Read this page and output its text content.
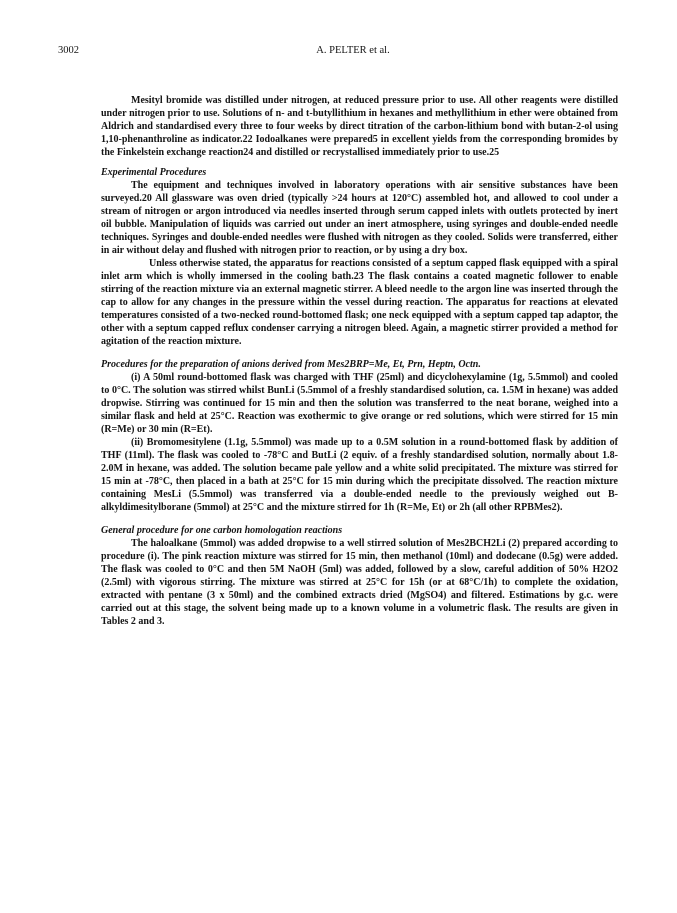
3002	A. PELTER et al.

Mesityl bromide was distilled under nitrogen, at reduced pressure prior to use. All other reagents were distilled under nitrogen prior to use. Solutions of n- and t-butyllithium in hexanes and methyllithium in ether were obtained from Aldrich and standardised every three to four weeks by direct titration of the carbon-lithium bond with butan-2-ol using 1,10-phenanthroline as indicator.22 Iodoalkanes were prepared5 in excellent yields from the corresponding bromides by the Finkelstein exchange reaction24 and distilled or recrystallised immediately prior to use.25

Experimental Procedures

The equipment and techniques involved in laboratory operations with air sensitive substances have been surveyed.20 All glassware was oven dried (typically >24 hours at 120°C) assembled hot, and allowed to cool under a stream of nitrogen or argon introduced via needles inserted through serum capped inlets with outlets protected by inert oil bubble. Manipulation of liquids was carried out under an inert atmosphere, using syringes and double-ended needle techniques. Syringes and double-ended needles were flushed with nitrogen as they cooled. Solids were transferred, either in air without delay and flushed with nitrogen prior to reaction, or by using a dry box.

Unless otherwise stated, the apparatus for reactions consisted of a septum capped flask equipped with a spiral inlet arm which is wholly immersed in the cooling bath.23 The flask contains a coated magnetic follower to enable stirring of the reaction mixture via an external magnetic stirrer. A bleed needle to the argon line was inserted through the cap to allow for any changes in the pressure within the vessel during reaction. The apparatus for reactions at elevated temperatures consisted of a two-necked round-bottomed flask; one neck equipped with a septum capped tap adaptor, the other with a septum capped reflux condenser carrying a nitrogen bleed. Again, a magnetic stirrer provided a method for agitation of the reaction mixture.

Procedures for the preparation of anions derived from Mes2BRP=Me, Et, Prn, Heptn, Octn.

(i) A 50ml round-bottomed flask was charged with THF (25ml) and dicyclohexylamine (1g, 5.5mmol) and cooled to 0°C. The solution was stirred whilst BunLi (5.5mmol of a freshly standardised solution, ca. 1.5M in hexane) was added dropwise. Stirring was continued for 15 min and then the solution was transferred to the neat borane, weighed into a similar flask and held at 25°C. Reaction was exothermic to give orange or red solutions, which were stirred for 15 min (R=Me) or 30 min (R=Et).

(ii) Bromomesitylene (1.1g, 5.5mmol) was made up to a 0.5M solution in a round-bottomed flask by addition of THF (11ml). The flask was cooled to -78°C and ButLi (2 equiv. of a freshly standardised solution, normally about 1.8-2.0M in hexane, was added. The solution became pale yellow and a white solid precipitated. The mixture was stirred for 15 min at -78°C, then placed in a bath at 25°C for 15 min during which the precipitate dissolved. The reaction mixture containing MesLi (5.5mmol) was transferred via a double-ended needle to the previously weighed out B-alkyldimesitylborane (5mmol) at 25°C and the mixture stirred for 1h (R=Me, Et) or 2h (all other RPBMes2).

General procedure for one carbon homologation reactions

The haloalkane (5mmol) was added dropwise to a well stirred solution of Mes2BCH2Li (2) prepared according to procedure (i). The pink reaction mixture was stirred for 15 min, then methanol (10ml) and dodecane (0.5g) were added. The flask was cooled to 0°C and then 5M NaOH (5ml) was added, followed by a slow, careful addition of 50% H2O2 (2.5ml) with vigorous stirring. The mixture was stirred at 25°C for 15h (or at 68°C/1h) to complete the oxidation, extracted with pentane (3 x 50ml) and the combined extracts dried (MgSO4) and filtered. Estimations by g.c. were carried out at this stage, the solvent being made up to a known volume in a volumetric flask. The results are given in Tables 2 and 3.
